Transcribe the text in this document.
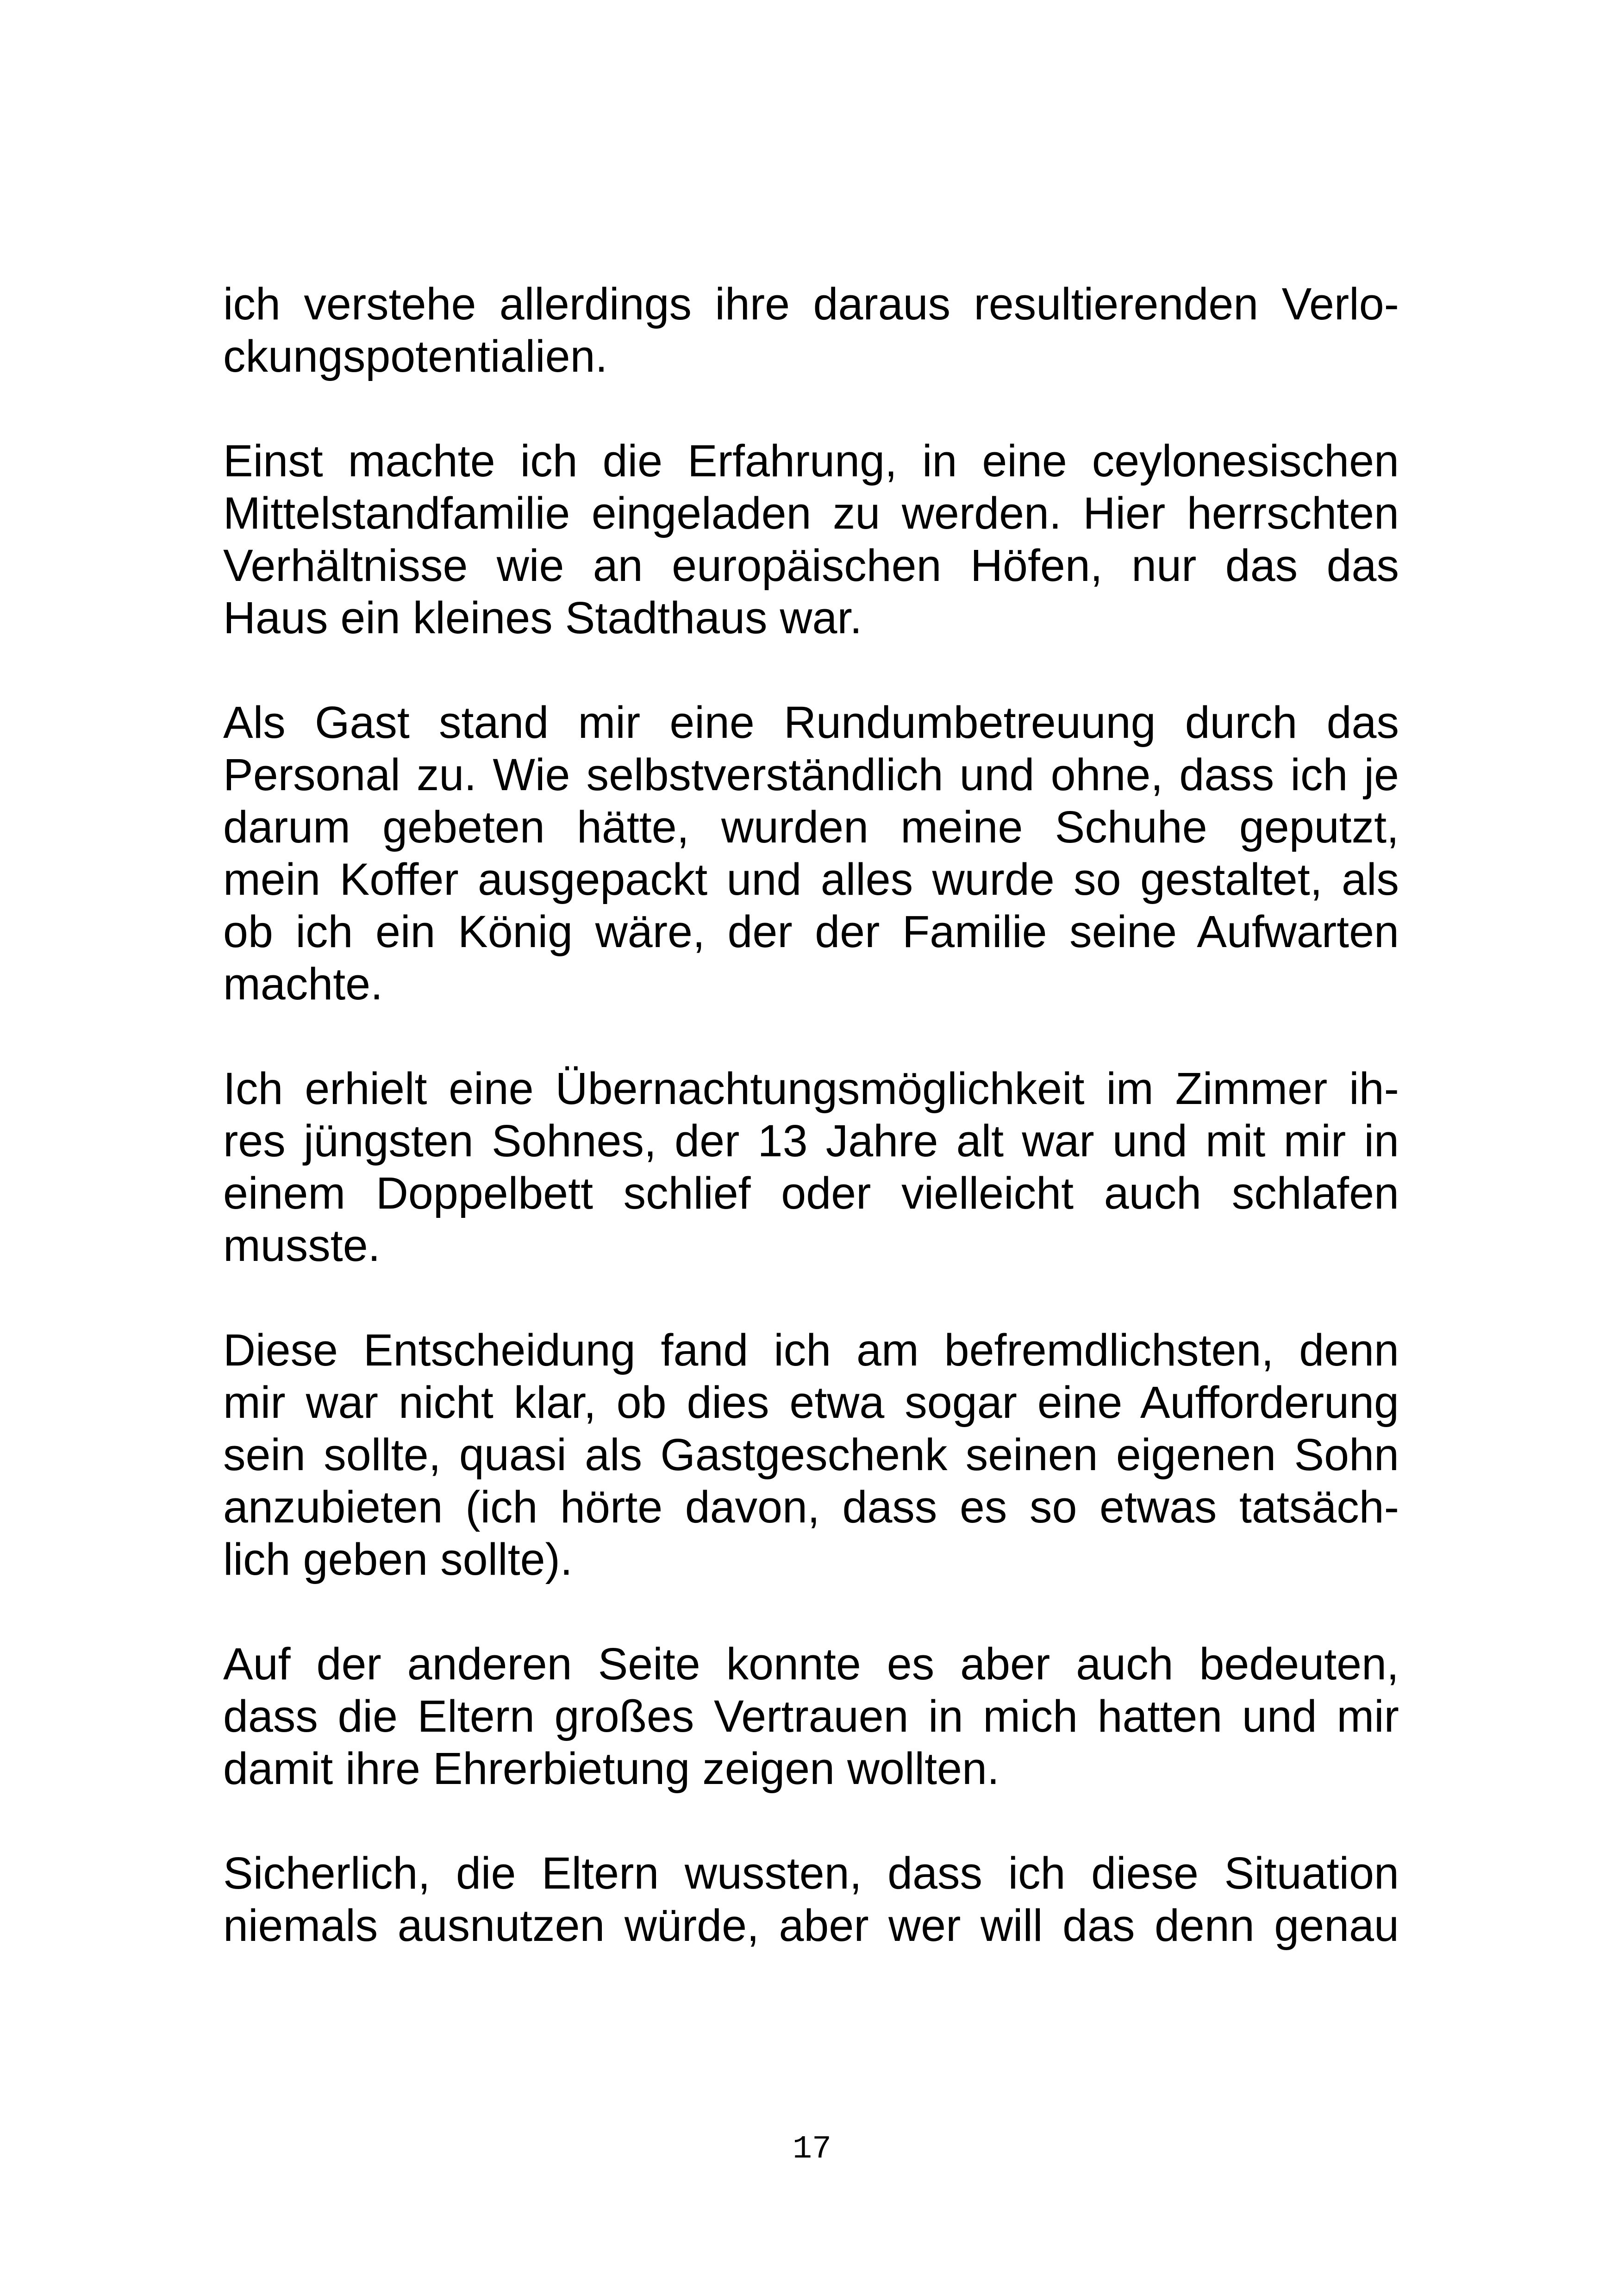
ich verstehe allerdings ihre daraus resultierenden Verlo-
ckungspotentialien.

Einst machte ich die Erfahrung, in eine ceylonesischen
Mittelstandfamilie eingeladen zu werden. Hier herrschten
Verhältnisse wie an europäischen Höfen, nur das das
Haus ein kleines Stadthaus war.

Als Gast stand mir eine Rundumbetreuung durch das
Personal zu. Wie selbstverständlich und ohne, dass ich je
darum gebeten hätte, wurden meine Schuhe geputzt,
mein Koffer ausgepackt und alles wurde so gestaltet, als
ob ich ein König wäre, der der Familie seine Aufwarten
machte.

Ich erhielt eine Übernachtungsmöglichkeit im Zimmer ih-
res jüngsten Sohnes, der 13 Jahre alt war und mit mir in
einem Doppelbett schlief oder vielleicht auch schlafen
musste.

Diese Entscheidung fand ich am befremdlichsten, denn
mir war nicht klar, ob dies etwa sogar eine Aufforderung
sein sollte, quasi als Gastgeschenk seinen eigenen Sohn
anzubieten (ich hörte davon, dass es so etwas tatsäch-
lich geben sollte).

Auf der anderen Seite konnte es aber auch bedeuten,
dass die Eltern großes Vertrauen in mich hatten und mir
damit ihre Ehrerbietung zeigen wollten.

Sicherlich, die Eltern wussten, dass ich diese Situation
niemals ausnutzen würde, aber wer will das denn genau

17
